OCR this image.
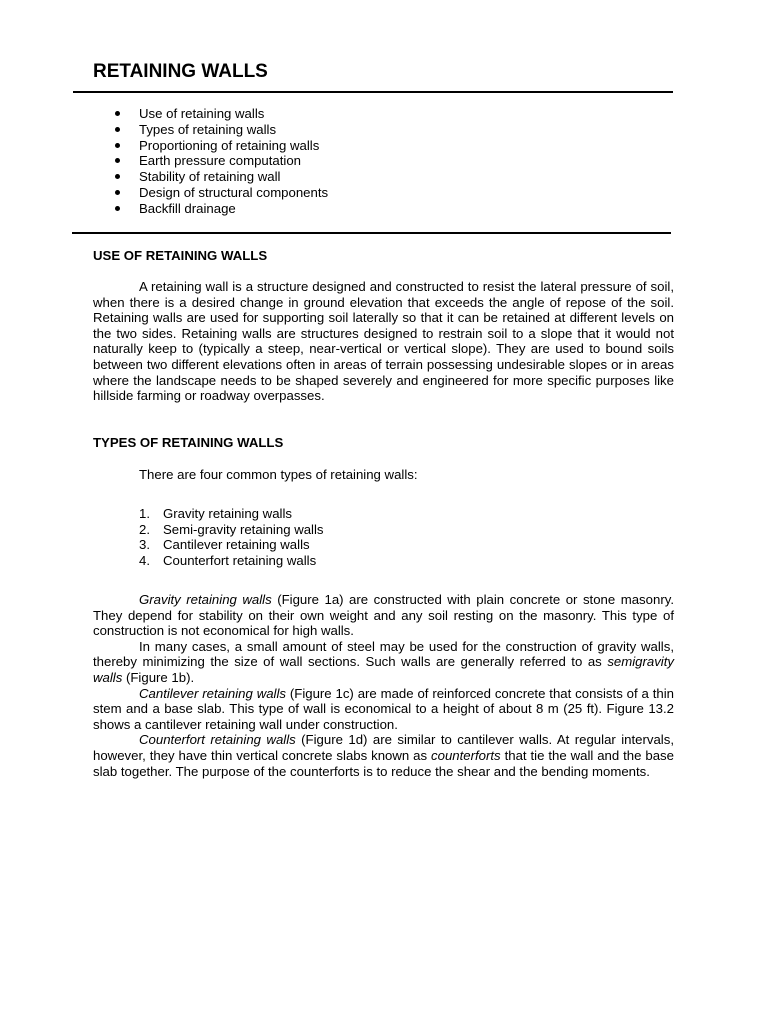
RETAINING WALLS
Use of retaining walls
Types of retaining walls
Proportioning of retaining walls
Earth pressure computation
Stability of retaining wall
Design of structural components
Backfill drainage
USE OF RETAINING WALLS

A retaining wall is a structure designed and constructed to resist the lateral pressure of soil, when there is a desired change in ground elevation that exceeds the angle of repose of the soil. Retaining walls are used for supporting soil laterally so that it can be retained at different levels on the two sides. Retaining walls are structures designed to restrain soil to a slope that it would not naturally keep to (typically a steep, near-vertical or vertical slope). They are used to bound soils between two different elevations often in areas of terrain possessing undesirable slopes or in areas where the landscape needs to be shaped severely and engineered for more specific purposes like hillside farming or roadway overpasses.

TYPES OF RETAINING WALLS

There are four common types of retaining walls:

1. Gravity retaining walls
2. Semi-gravity retaining walls
3. Cantilever retaining walls
4. Counterfort retaining walls

Gravity retaining walls (Figure 1a) are constructed with plain concrete or stone masonry. They depend for stability on their own weight and any soil resting on the masonry. This type of construction is not economical for high walls.

In many cases, a small amount of steel may be used for the construction of gravity walls, thereby minimizing the size of wall sections. Such walls are generally referred to as semigravity walls (Figure 1b).

Cantilever retaining walls (Figure 1c) are made of reinforced concrete that consists of a thin stem and a base slab. This type of wall is economical to a height of about 8 m (25 ft). Figure 13.2 shows a cantilever retaining wall under construction.

Counterfort retaining walls (Figure 1d) are similar to cantilever walls. At regular intervals, however, they have thin vertical concrete slabs known as counterforts that tie the wall and the base slab together. The purpose of the counterforts is to reduce the shear and the bending moments.
